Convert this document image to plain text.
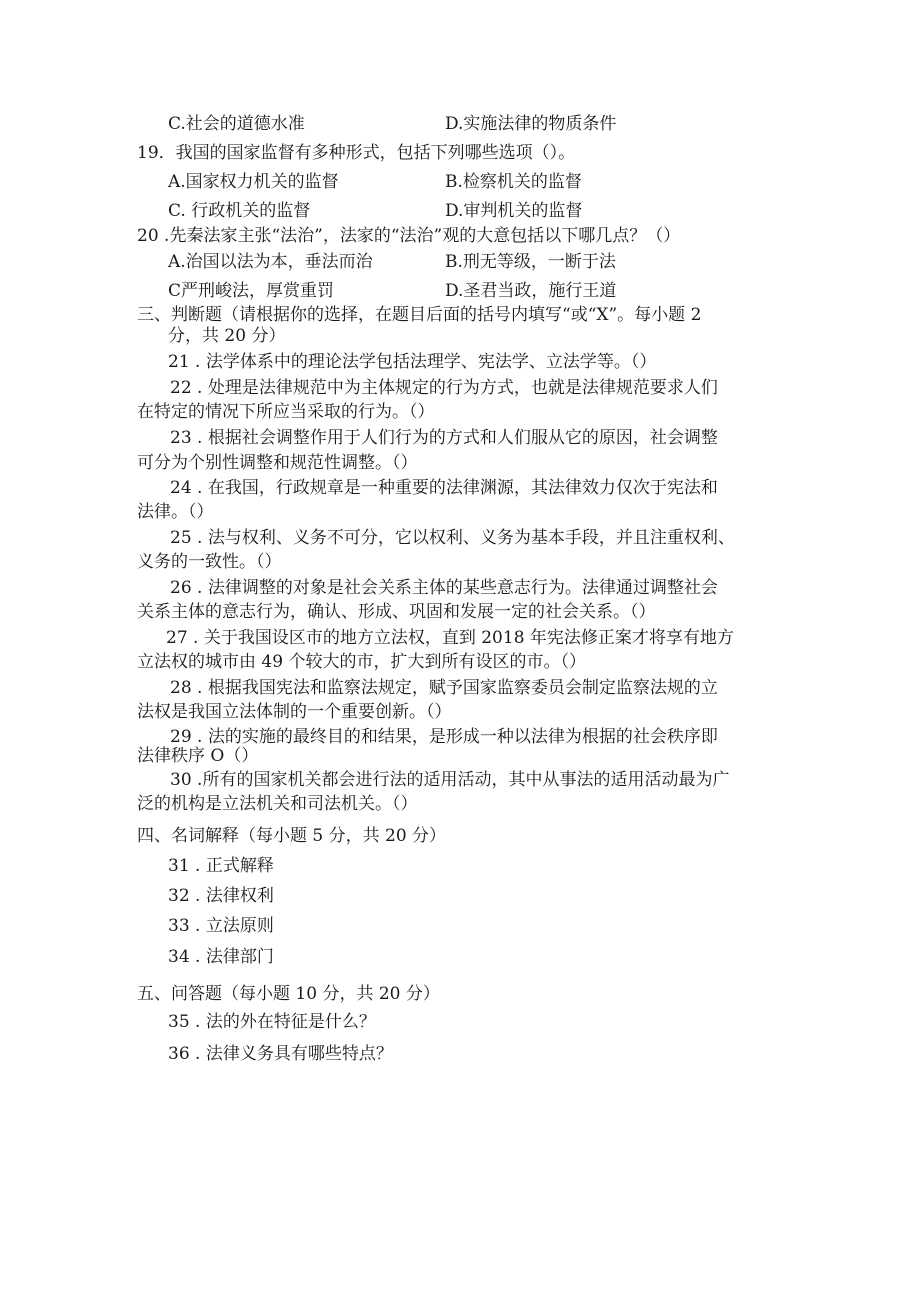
C.社会的道德水准	D.实施法律的物质条件
19．我国的国家监督有多种形式，包括下列哪些选项（）。
A.国家权力机关的监督	B.检察机关的监督
C. 行政机关的监督	D.审判机关的监督
20 .先秦法家主张“法治”，法家的“法治”观的大意包括以下哪几点？（）
A.治国以法为本，垂法而治	B.刑无等级，一断于法
C严刑峻法，厚赏重罚	D.圣君当政，施行王道
三、判断题（请根据你的选择，在题目后面的括号内填写“或“X”。每小题 2
分，共 20 分）
21 . 法学体系中的理论法学包括法理学、宪法学、立法学等。（）
22 . 处理是法律规范中为主体规定的行为方式，也就是法律规范要求人们
在特定的情况下所应当采取的行为。（）
23 . 根据社会调整作用于人们行为的方式和人们服从它的原因，社会调整
可分为个别性调整和规范性调整。（）
24 . 在我国，行政规章是一种重要的法律渊源，其法律效力仅次于宪法和
法律。（）
25 . 法与权利、义务不可分，它以权利、义务为基本手段，并且注重权利、
义务的一致性。（）
26 . 法律调整的对象是社会关系主体的某些意志行为。法律通过调整社会
关系主体的意志行为，确认、形成、巩固和发展一定的社会关系。（）
27 . 关于我国设区市的地方立法权，直到 2018 年宪法修正案才将享有地方
立法权的城市由 49 个较大的市，扩大到所有设区的市。（）
28 . 根据我国宪法和监察法规定，赋予国家监察委员会制定监察法规的立
法权是我国立法体制的一个重要创新。（）
29 . 法的实施的最终目的和结果，是形成一种以法律为根据的社会秩序即
法律秩序 O（）
30 .所有的国家机关都会进行法的适用活动，其中从事法的适用活动最为广
泛的机构是立法机关和司法机关。（）
四、名词解释（每小题 5 分，共 20 分）
31 . 正式解释
32 . 法律权利
33 . 立法原则
34 . 法律部门
五、问答题（每小题 10 分，共 20 分）
35 . 法的外在特征是什么？
36 . 法律义务具有哪些特点？
